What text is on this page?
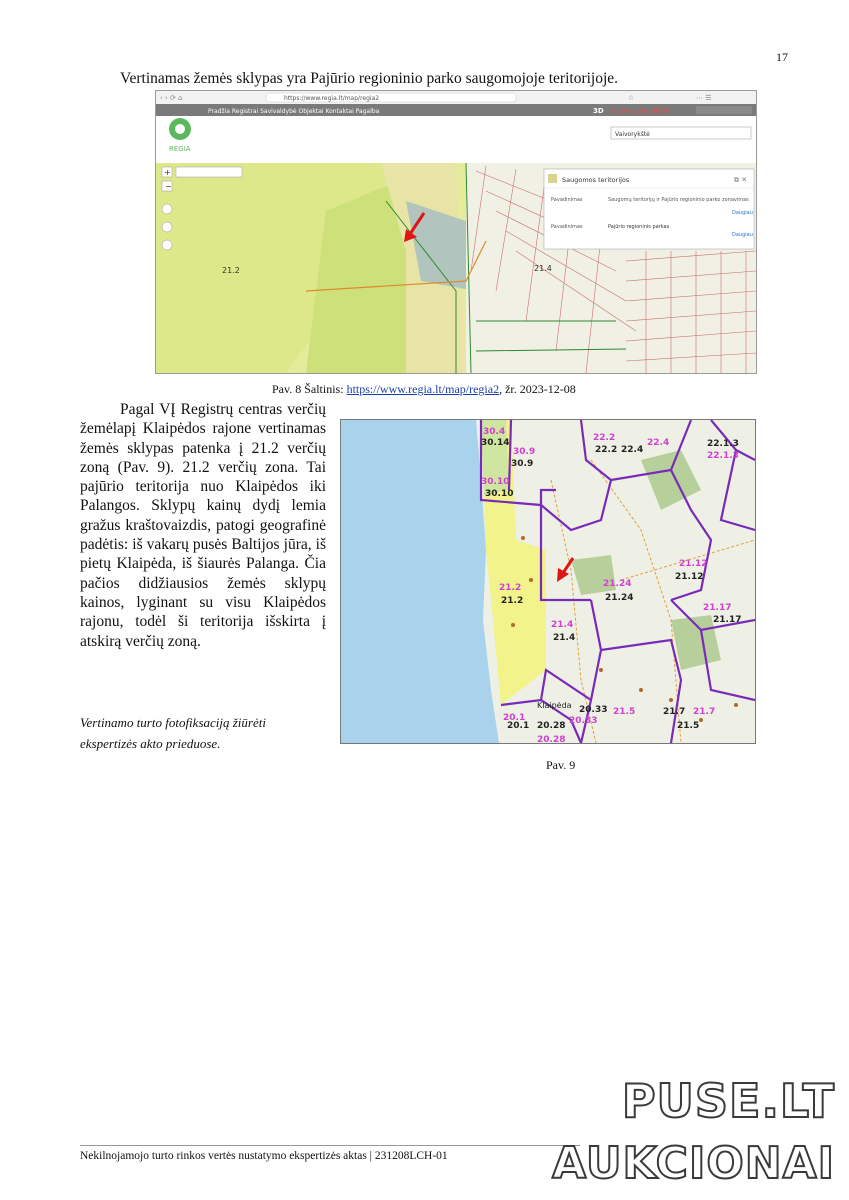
17
Vertinamas žemės sklypas yra Pajūrio regioninio parko saugomojoje teritorijoje.
‹ › ⟳ ⌂	https://www.regia.lt/map/regia2	☆	⋯ ☰
Pradžia Registrai Savivaldybė Objektai Kontaktai Pagalba	3D Savivaldybė: REGIA
REGIA
Vaivorykštė
+
−
21.2	21.4
Saugomos teritorijos	⧉ ✕
Pavadinimas	Saugomų teritorijų ir Pajūrio regioninio parko zonavimas
Daugiau
Pavadinimas	Pajūrio regioninis parkas
Daugiau
Pav. 8 Šaltinis: https://www.regia.lt/map/regia2, žr. 2023-12-08

Pagal VĮ Registrų centras verčių žemėlapį Klaipėdos rajone vertinamas žemės sklypas patenka į 21.2 verčių zoną (Pav. 9). 21.2 verčių zona. Tai pajūrio teritorija nuo Klaipėdos iki Palangos. Sklypų kainų dydį lemia gražus kraštovaizdis, patogi geografinė padėtis: iš vakarų pusės Baltijos jūra, iš pietų Klaipėda, iš šiaurės Palanga. Čia pačios didžiausios žemės sklypų kainos, lyginant su visu Klaipėdos rajonu, todėl ši teritorija išskirta į atskirą verčių zoną.

Vertinamo turto fotofiksaciją žiūrėti
ekspertizės akto prieduose.
30.4
30.14
30.9
30.9
30.10
30.10
22.2
22.2
22.4
22.4
22.1.3
22.1.3
21.2
21.2
21.24
21.24
21.12
21.12
21.4
21.4
21.17
21.17
21.7
21.7
20.1
20.1
20.28
20.28 20.33
20.33 21.5
21.5
Klaipėda
Pav. 9
Nekilnojamojo turto rinkos vertės nustatymo ekspertizės aktas | 231208LCH-01
PUSE.LT
AUKCIONAI
